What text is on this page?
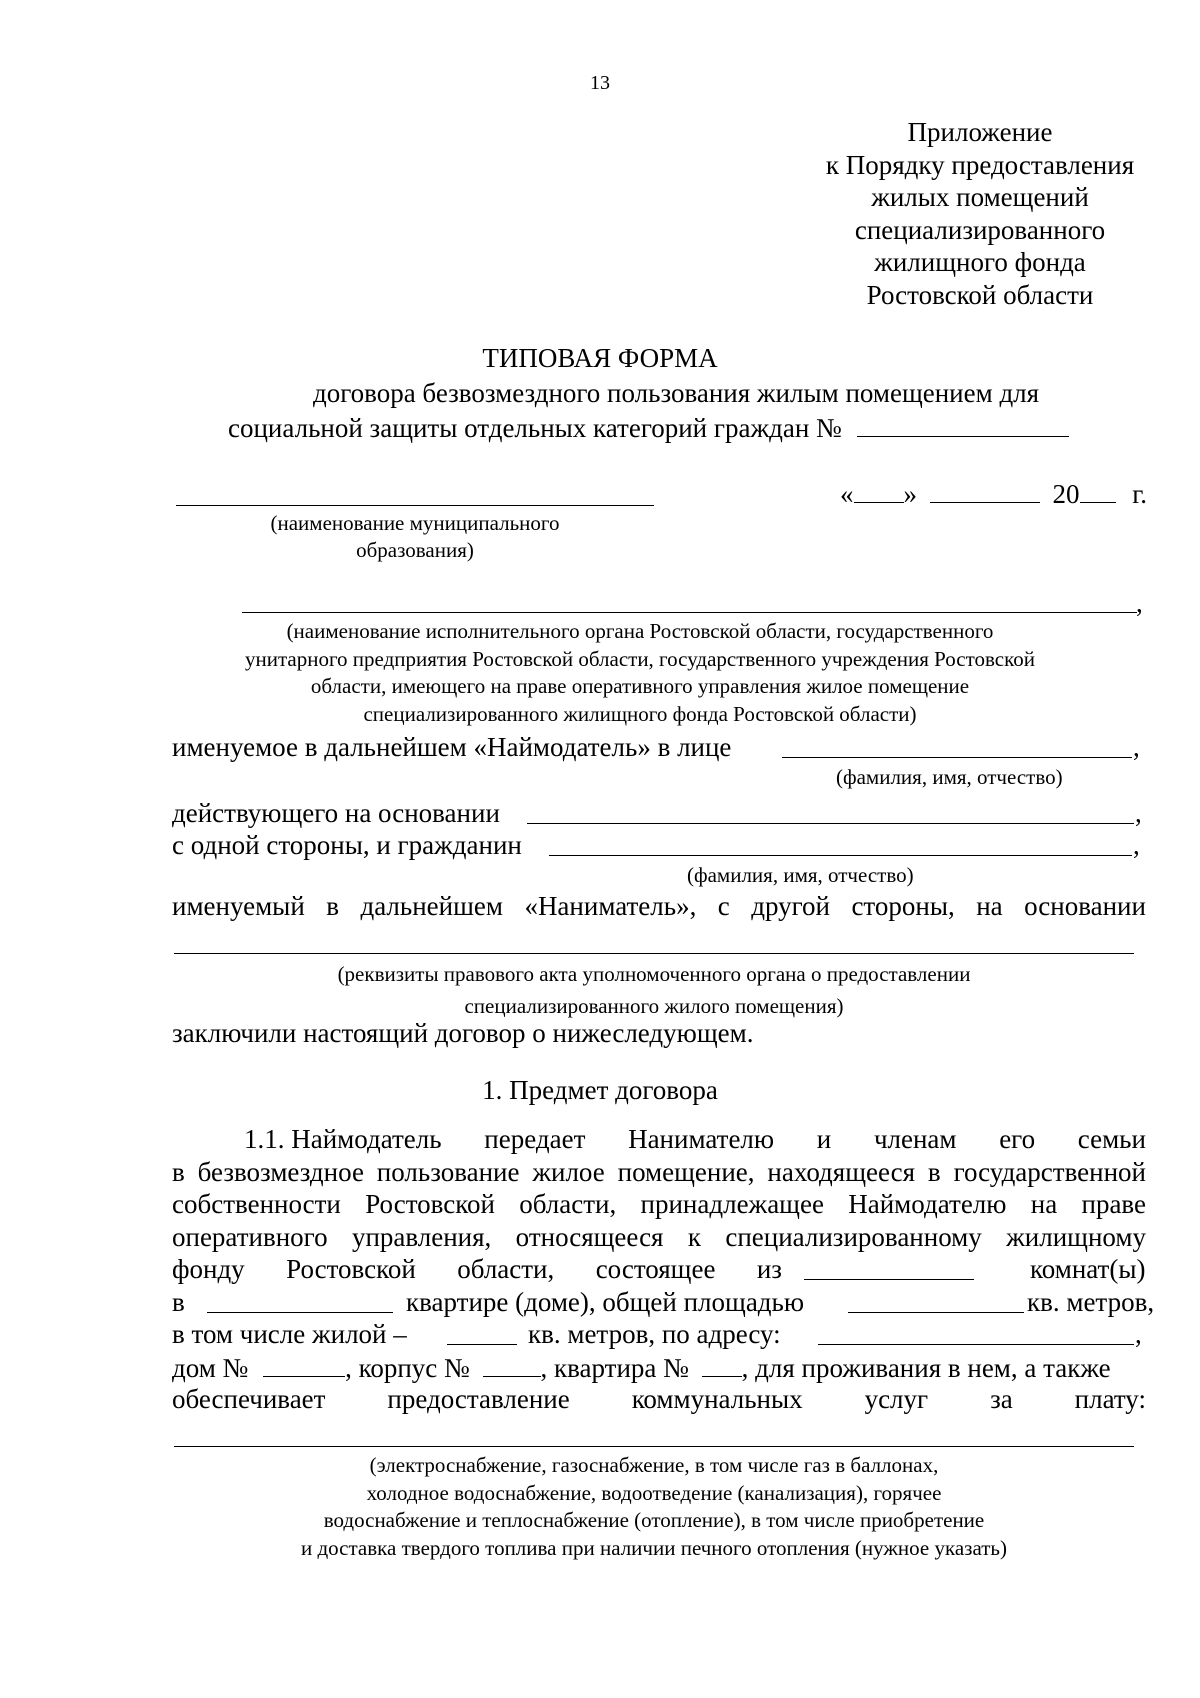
13
Приложение
к Порядку предоставления
жилых помещений
специализированного
жилищного фонда
Ростовской области
ТИПОВАЯ ФОРМА
договора безвозмездного пользования жилым помещением для
социальной защиты отдельных категорий граждан №
(наименование муниципального
образования)
« »	20 г.
,
(наименование исполнительного органа Ростовской области, государственного
унитарного предприятия Ростовской области, государственного учреждения Ростовской
области, имеющего на праве оперативного управления жилое помещение
специализированного жилищного фонда Ростовской области)
именуемое в дальнейшем «Наймодатель» в лице	,
(фамилия, имя, отчество)
действующего на основании	,
с одной стороны, и гражданин	,
(фамилия, имя, отчество)
именуемый в дальнейшем «Наниматель», с другой стороны, на основании
(реквизиты правового акта уполномоченного органа о предоставлении
специализированного жилого помещения)
заключили настоящий договор о нижеследующем.
1. Предмет договора
1.1. Наймодатель передает Нанимателю и членам его семьи
в безвозмездное пользование жилое помещение, находящееся в государственной
собственности Ростовской области, принадлежащее Наймодателю на праве
оперативного управления, относящееся к специализированному жилищному
фонду Ростовской области, состоящее из	комнат(ы)
в	квартире (доме), общей площадью	кв. метров,
в том числе жилой –	кв. метров, по адресу:	,
дом №	, корпус №	, квартира № , для проживания в нем, а также
обеспечивает предоставление коммунальных услуг за плату:
(электроснабжение, газоснабжение, в том числе газ в баллонах,
холодное водоснабжение, водоотведение (канализация), горячее
водоснабжение и теплоснабжение (отопление), в том числе приобретение
и доставка твердого топлива при наличии печного отопления (нужное указать)
